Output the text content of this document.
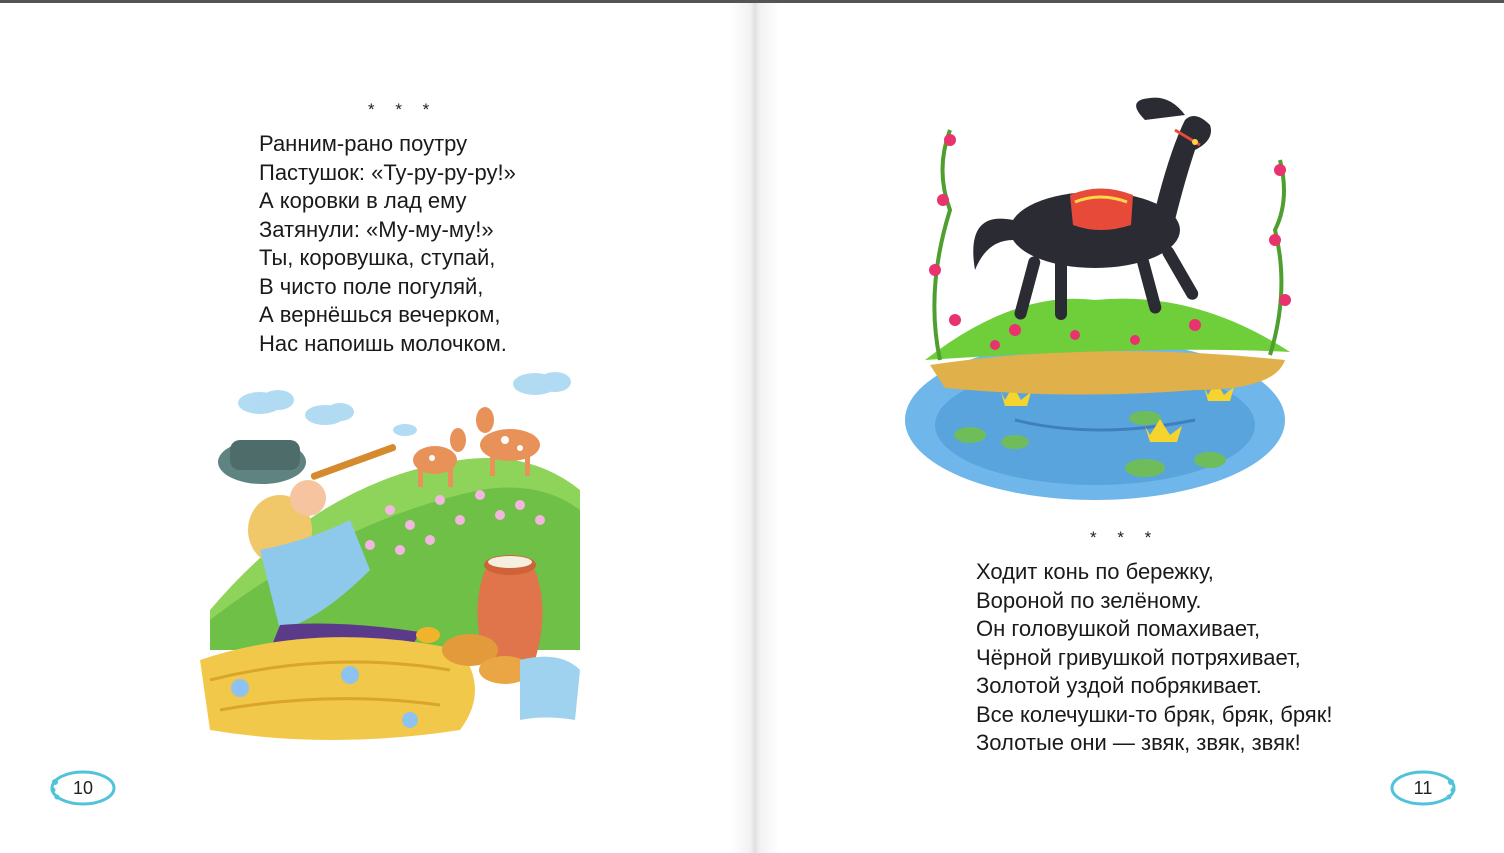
* * *
Ранним-рано поутру
Пастушок: «Ту-ру-ру-ру!»
А коровки в лад ему
Затянули: «Му-му-му!»
Ты, коровушка, ступай,
В чисто поле погуляй,
А вернёшься вечерком,
Нас напоишь молочком.
10
* * *
Ходит конь по бережку,
Вороной по зелёному.
Он головушкой помахивает,
Чёрной гривушкой потряхивает,
Золотой уздой побрякивает.
Все колечушки-то бряк, бряк, бряк!
Золотые они — звяк, звяк, звяк!
11
